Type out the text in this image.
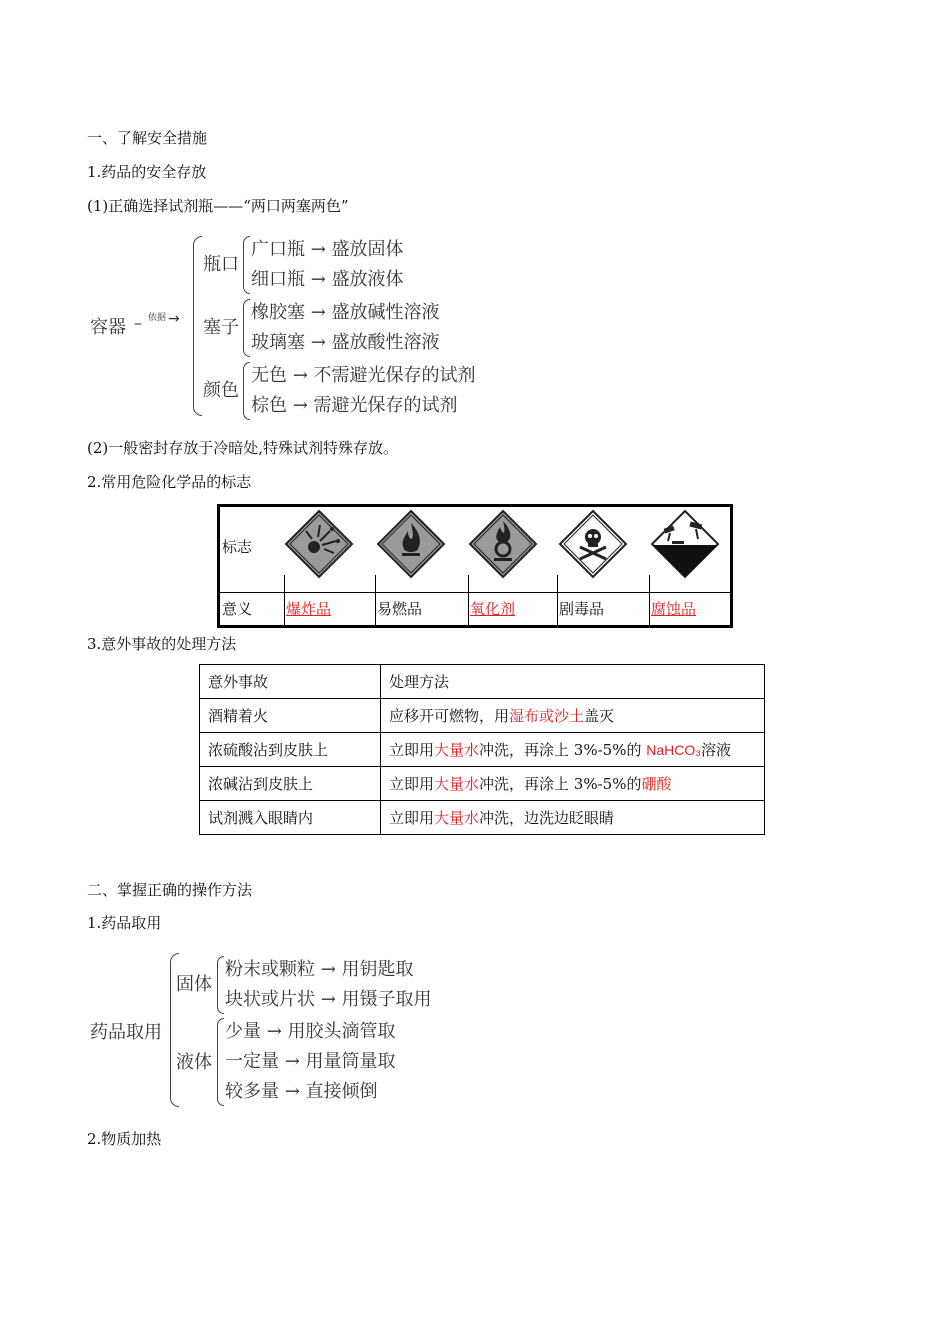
一、了解安全措施
1.药品的安全存放
(1)正确选择试剂瓶——“两口两塞两色”
容器 – 依据 →
瓶口
广口瓶 → 盛放固体
细口瓶 → 盛放液体
塞子
橡胶塞 → 盛放碱性溶液
玻璃塞 → 盛放酸性溶液
颜色
无色 → 不需避光保存的试剂
棕色 → 需避光保存的试剂
(2)一般密封存放于冷暗处,特殊试剂特殊存放。
2.常用危险化学品的标志
标志
意义 爆炸品	易燃品	氧化剂	剧毒品	腐蚀品
3.意外事故的处理方法
意外事故	处理方法
酒精着火	应移开可燃物，用湿布或沙土盖灭
浓硫酸沾到皮肤上	立即用大量水冲洗，再涂上 3%-5%的 NaHCO₃溶液
浓碱沾到皮肤上	立即用大量水冲洗，再涂上 3%-5%的硼酸
试剂溅入眼睛内	立即用大量水冲洗，边洗边眨眼睛
二、掌握正确的操作方法
1.药品取用
药品取用
固体
粉末或颗粒 → 用钥匙取
块状或片状 → 用镊子取用
液体
少量 → 用胶头滴管取
一定量 → 用量筒量取
较多量 → 直接倾倒
2.物质加热
